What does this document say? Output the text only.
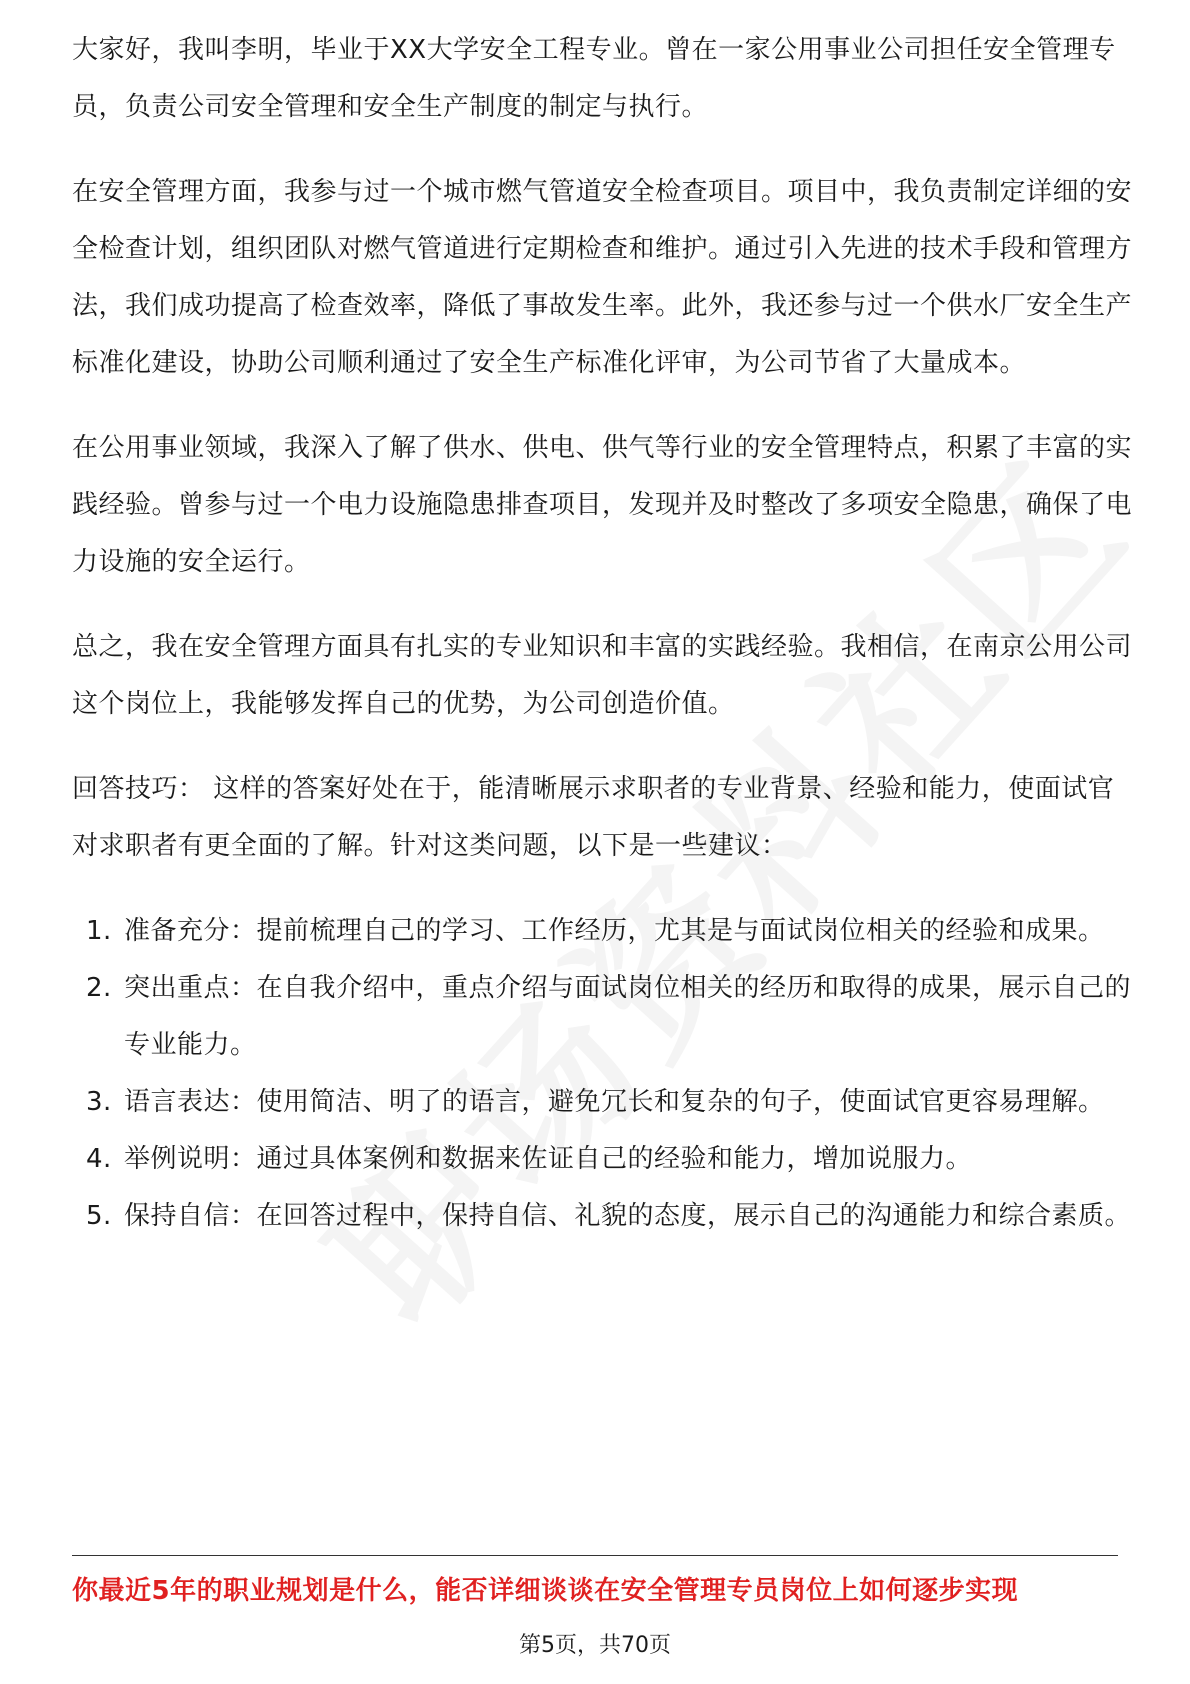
大家好，我叫李明，毕业于XX大学安全工程专业。曾在一家公用事业公司担任安全管理专员，负责公司安全管理和安全生产制度的制定与执行。

在安全管理方面，我参与过一个城市燃气管道安全检查项目。项目中，我负责制定详细的安全检查计划，组织团队对燃气管道进行定期检查和维护。通过引入先进的技术手段和管理方法，我们成功提高了检查效率，降低了事故发生率。此外，我还参与过一个供水厂安全生产标准化建设，协助公司顺利通过了安全生产标准化评审，为公司节省了大量成本。

在公用事业领域，我深入了解了供水、供电、供气等行业的安全管理特点，积累了丰富的实践经验。曾参与过一个电力设施隐患排查项目，发现并及时整改了多项安全隐患，确保了电力设施的安全运行。

总之，我在安全管理方面具有扎实的专业知识和丰富的实践经验。我相信，在南京公用公司这个岗位上，我能够发挥自己的优势，为公司创造价值。

回答技巧： 这样的答案好处在于，能清晰展示求职者的专业背景、经验和能力，使面试官对求职者有更全面的了解。针对这类问题，以下是一些建议：

1. 准备充分：提前梳理自己的学习、工作经历，尤其是与面试岗位相关的经验和成果。
2. 突出重点：在自我介绍中，重点介绍与面试岗位相关的经历和取得的成果，展示自己的专业能力。
3. 语言表达：使用简洁、明了的语言，避免冗长和复杂的句子，使面试官更容易理解。
4. 举例说明：通过具体案例和数据来佐证自己的经验和能力，增加说服力。
5. 保持自信：在回答过程中，保持自信、礼貌的态度，展示自己的沟通能力和综合素质。
你最近5年的职业规划是什么，能否详细谈谈在安全管理专员岗位上如何逐步实现
第5页，共70页
